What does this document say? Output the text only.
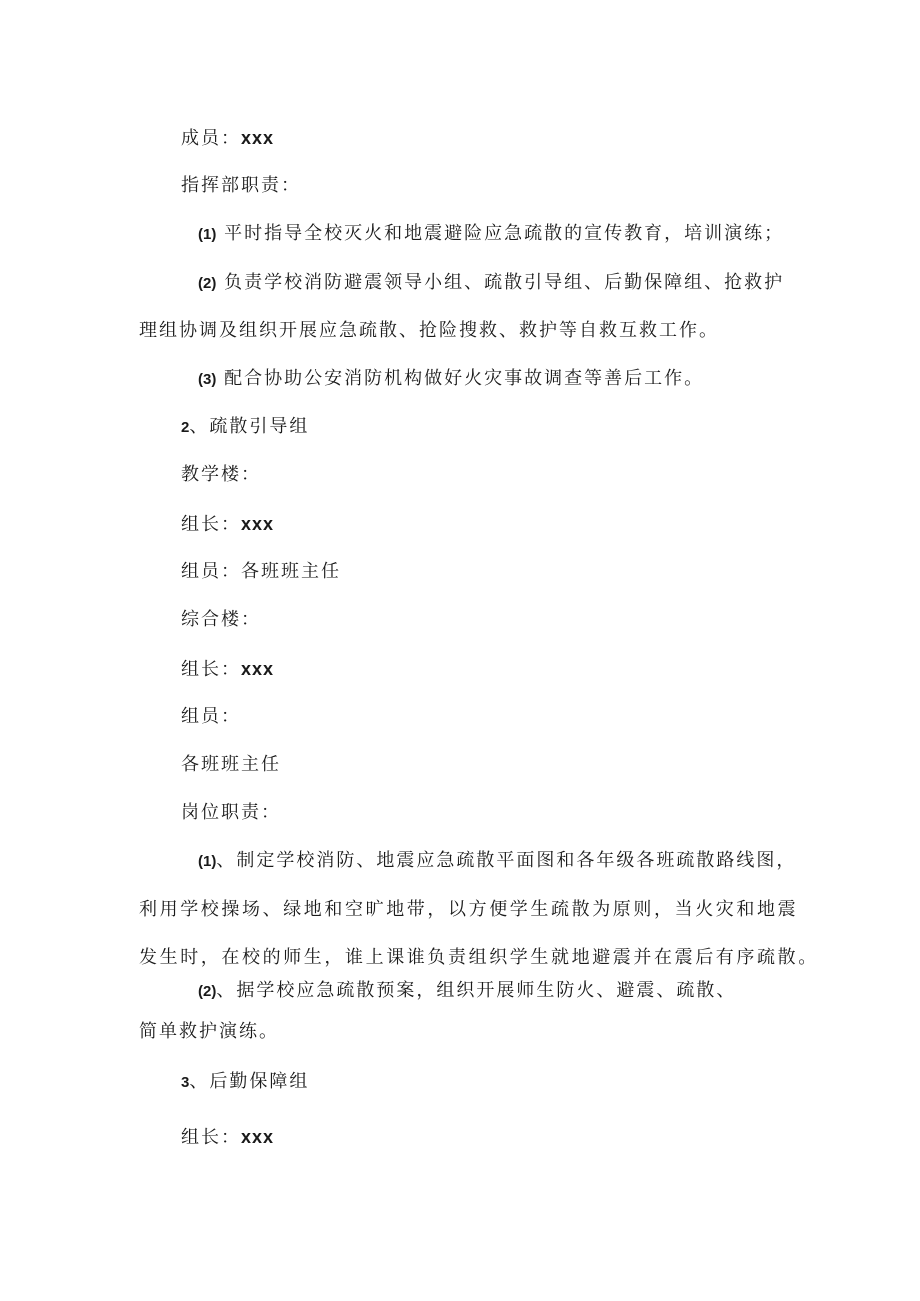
成员：xxx
指挥部职责：
(1) 平时指导全校灭火和地震避险应急疏散的宣传教育，培训演练；
(2) 负责学校消防避震领导小组、疏散引导组、后勤保障组、抢救护
理组协调及组织开展应急疏散、抢险搜救、救护等自救互救工作。
(3) 配合协助公安消防机构做好火灾事故调查等善后工作。
2、疏散引导组
教学楼：
组长：xxx
组员：各班班主任
综合楼：
组长：xxx
组员：
各班班主任
岗位职责：
(1)、制定学校消防、地震应急疏散平面图和各年级各班疏散路线图，
利用学校操场、绿地和空旷地带，以方便学生疏散为原则，当火灾和地震
发生时，在校的师生，谁上课谁负责组织学生就地避震并在震后有序疏散。
(2)、据学校应急疏散预案，组织开展师生防火、避震、疏散、
简单救护演练。
3、后勤保障组
组长：xxx
